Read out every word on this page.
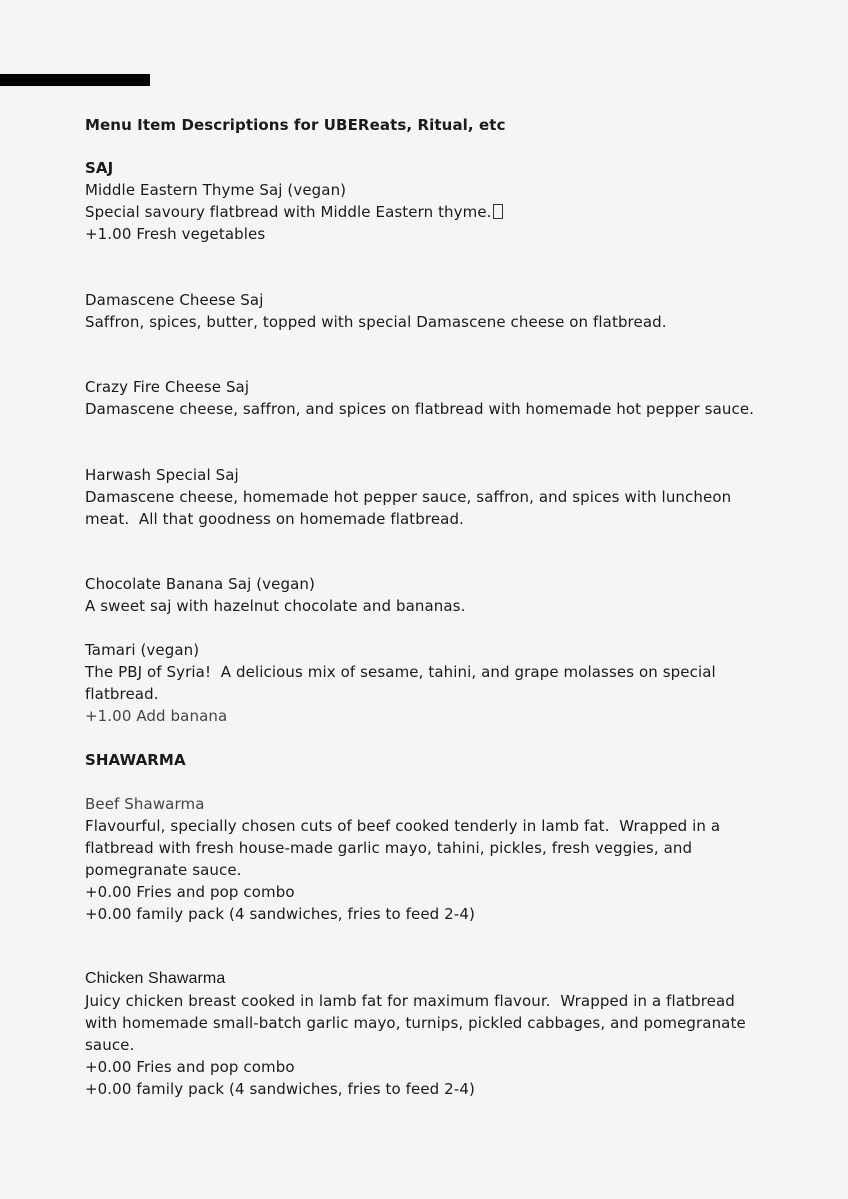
Menu Item Descriptions for UBEReats, Ritual, etc
SAJ
Middle Eastern Thyme Saj (vegan)
Special savoury flatbread with Middle Eastern thyme.
+1.00 Fresh vegetables
Damascene Cheese Saj
Saffron, spices, butter, topped with special Damascene cheese on flatbread.
Crazy Fire Cheese Saj
Damascene cheese, saffron, and spices on flatbread with homemade hot pepper sauce.
Harwash Special Saj
Damascene cheese, homemade hot pepper sauce, saffron, and spices with luncheon
meat.  All that goodness on homemade flatbread.
Chocolate Banana Saj (vegan)
A sweet saj with hazelnut chocolate and bananas.
Tamari (vegan)
The PBJ of Syria!  A delicious mix of sesame, tahini, and grape molasses on special
flatbread.
+1.00 Add banana
SHAWARMA
Beef Shawarma
Flavourful, specially chosen cuts of beef cooked tenderly in lamb fat.  Wrapped in a
flatbread with fresh house-made garlic mayo, tahini, pickles, fresh veggies, and
pomegranate sauce.
+0.00 Fries and pop combo
+0.00 family pack (4 sandwiches, fries to feed 2-4)
Chicken Shawarma
Juicy chicken breast cooked in lamb fat for maximum flavour.  Wrapped in a flatbread
with homemade small-batch garlic mayo, turnips, pickled cabbages, and pomegranate
sauce.
+0.00 Fries and pop combo
+0.00 family pack (4 sandwiches, fries to feed 2-4)
